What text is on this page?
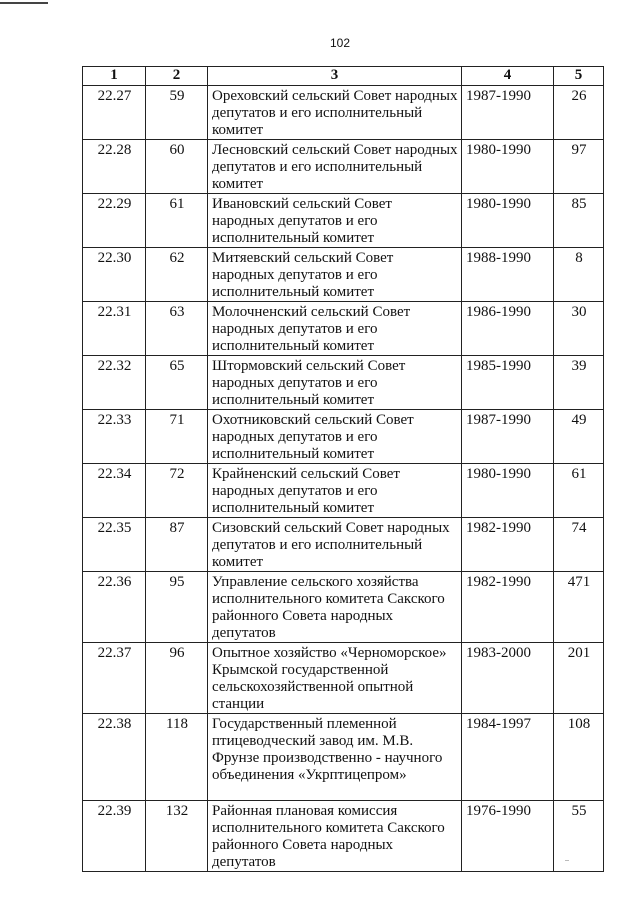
102
1	2	3	4	5
22.27	59	Ореховский сельский Совет народных депутатов и его исполнительный комитет	1987-1990	26
22.28	60	Лесновский сельский Совет народных депутатов и его исполнительный комитет	1980-1990	97
22.29	61	Ивановский сельский Совет народных депутатов и его исполнительный комитет	1980-1990	85
22.30	62	Митяевский сельский Совет народных депутатов и его исполнительный комитет	1988-1990	8
22.31	63	Молочненский сельский Совет народных депутатов и его исполнительный комитет	1986-1990	30
22.32	65	Штормовский сельский Совет народных депутатов и его исполнительный комитет	1985-1990	39
22.33	71	Охотниковский сельский Совет народных депутатов и его исполнительный комитет	1987-1990	49
22.34	72	Крайненский сельский Совет народных депутатов и его исполнительный комитет	1980-1990	61
22.35	87	Сизовский сельский Совет народных депутатов и его исполнительный комитет	1982-1990	74
22.36	95	Управление сельского хозяйства исполнительного комитета Сакского районного Совета народных депутатов	1982-1990	471
22.37	96	Опытное хозяйство «Черноморское» Крымской государственной сельскохозяйственной опытной станции	1983-2000	201
22.38	118	Государственный племенной птицеводческий завод им. М.В. Фрунзе производственно - научного объединения «Укрптицепром»	1984-1997	108
22.39	132	Районная плановая комиссия исполнительного комитета Сакского районного Совета народных депутатов	1976-1990	55
